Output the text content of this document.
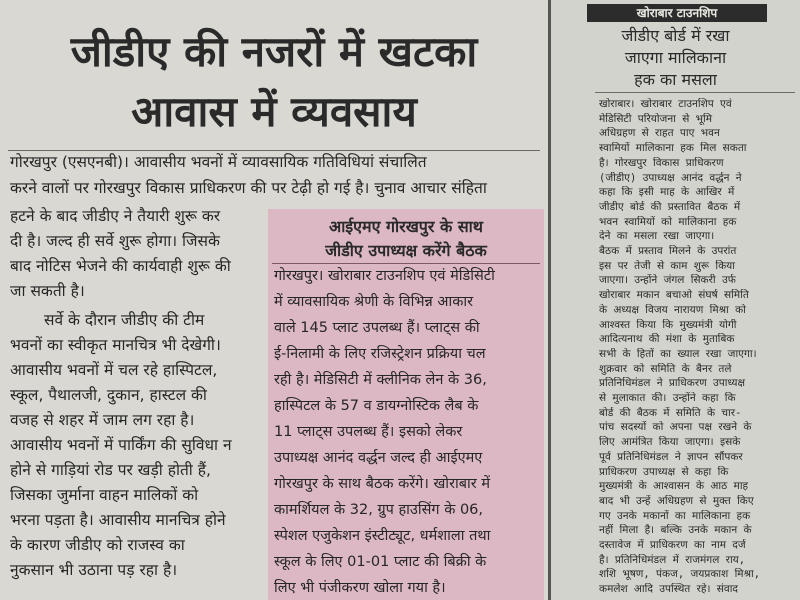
जीडीए की नजरों में खटका
आवास में व्यवसाय
गोरखपुर (एसएनबी)। आवासीय भवनों में व्यावसायिक गतिविधियां संचालित
करने वालों पर गोरखपुर विकास प्राधिकरण की पर टेढ़ी हो गई है। चुनाव आचार संहिता
हटने के बाद जीडीए ने तैयारी शुरू कर
दी है। जल्द ही सर्वे शुरू होगा। जिसके
बाद नोटिस भेजने की कार्यवाही शुरू की
जा सकती है।
सर्वे के दौरान जीडीए की टीम
भवनों का स्वीकृत मानचित्र भी देखेगी।
आवासीय भवनों में चल रहे हास्पिटल,
स्कूल, पैथालजी, दुकान, हास्टल की
वजह से शहर में जाम लग रहा है।
आवासीय भवनों में पार्किंग की सुविधा न
होने से गाड़ियां रोड पर खड़ी होती हैं,
जिसका जुर्माना वाहन मालिकों को
भरना पड़ता है। आवासीय मानचित्र होने
के कारण जीडीए को राजस्व का
नुकसान भी उठाना पड़ रहा है।
आईएमए गोरखपुर के साथ
जीडीए उपाध्यक्ष करेंगे बैठक
गोरखपुर। खोराबार टाउनशिप एवं मेडिसिटी
में व्यावसायिक श्रेणी के विभिन्न आकार
वाले 145 प्लाट उपलब्ध हैं। प्लाट्स की
ई-निलामी के लिए रजिस्ट्रेशन प्रक्रिया चल
रही है। मेडिसिटी में क्लीनिक लेन के 36,
हास्पिटल के 57 व डायग्नोस्टिक लैब के
11 प्लाट्स उपलब्ध हैं। इसको लेकर
उपाध्यक्ष आनंद वर्द्धन जल्द ही आईएमए
गोरखपुर के साथ बैठक करेंगे। खोराबार में
कामर्शियल के 32, ग्रुप हाउसिंग के 06,
स्पेशल एजुकेशन इंस्टीट्यूट, धर्मशाला तथा
स्कूल के लिए 01-01 प्लाट की बिक्री के
लिए भी पंजीकरण खोला गया है।
खोराबार टाउनशिप
जीडीए बोर्ड में रखा
जाएगा मालिकाना
हक का मसला
खोराबार। खोराबार टाउनशिप एवं
मेडिसिटी परियोजना से भूमि
अधिग्रहण से राहत पाए भवन
स्वामियों मालिकाना हक मिल सकता
है। गोरखपुर विकास प्राधिकरण
(जीडीए) उपाध्यक्ष आनंद वर्द्धन ने
कहा कि इसी माह के आखिर में
जीडीए बोर्ड की प्रस्तावित बैठक में
भवन स्वामियों को मालिकाना हक
देने का मसला रखा जाएगा।
बैठक में प्रस्ताव मिलने के उपरांत
इस पर तेजी से काम शुरू किया
जाएगा। उन्होंने जंगल सिकरी उर्फ
खोराबार मकान बचाओ संघर्ष समिति
के अध्यक्ष विजय नारायण मिश्रा को
आश्वस्त किया कि मुख्यमंत्री योगी
आदित्यनाथ की मंशा के मुताबिक
सभी के हितों का ख्याल रखा जाएगा।
शुक्रवार को समिति के बैनर तले
प्रतिनिधिमंडल ने प्राधिकरण उपाध्यक्ष
से मुलाकात की। उन्होंने कहा कि
बोर्ड की बैठक में समिति के चार-
पांच सदस्यों को अपना पक्ष रखने के
लिए आमंत्रित किया जाएगा। इसके
पूर्व प्रतिनिधिमंडल ने ज्ञापन सौंपकर
प्राधिकरण उपाध्यक्ष से कहा कि
मुख्यमंत्री के आश्वासन के आठ माह
बाद भी उन्हें अधिग्रहण से मुक्त किए
गए उनके मकानों का मालिकाना हक
नहीं मिला है। बल्कि उनके मकान के
दस्तावेज में प्राधिकरण का नाम दर्ज
है। प्रतिनिधिमंडल में राजमंगल राय,
शशि भूषण, पंकज, जयप्रकाश मिश्रा,
कमलेश आदि उपस्थित रहे। संवाद
